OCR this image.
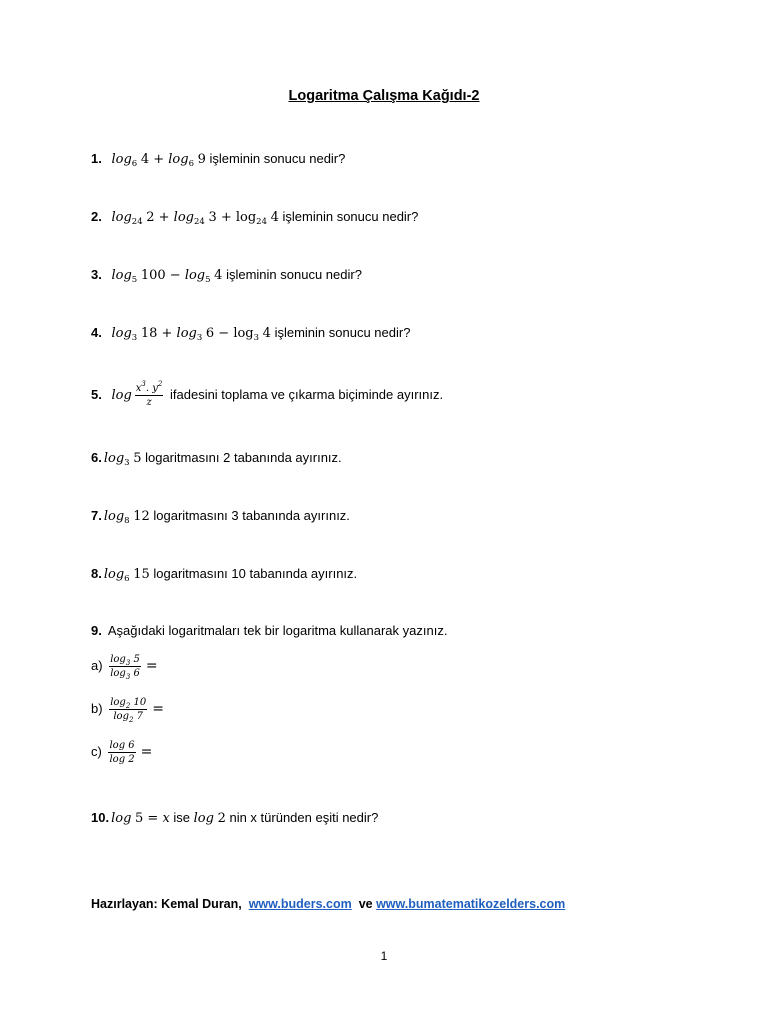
Logaritma Çalışma Kağıdı-2
1. $\log_6 4 + \log_6 9$ işleminin sonucu nedir?
2. $\log_{24} 2 + \log_{24} 3 + \log_{24} 4$ işleminin sonucu nedir?
3. $\log_5 100 - \log_5 4$ işleminin sonucu nedir?
4. $\log_3 18 + \log_3 6 - \log_3 4$ işleminin sonucu nedir?
5. $\log \frac{x^3. y^2}{z}$ ifadesini toplama ve çıkarma biçiminde ayırınız.
6. $\log_3 5$ logaritmasını 2 tabanında ayırınız.
7. $\log_8 12$ logaritmasını 3 tabanında ayırınız.
8. $\log_6 15$ logaritmasını 10 tabanında ayırınız.
9. Aşağıdaki logaritmaları tek bir logaritma kullanarak yazınız.
$a) \frac{\log_3 5}{\log_3 6}$ =
$b) \frac{\log_2 10}{\log_2 7}$ =
$c) \frac{\log 6}{\log 2}$ =
10. log 5 = x ise log 2 nin x türünden eşiti nedir?
Hazırlayan: Kemal Duran, www.buders.com ve www.bumatematikozelders.com
1
